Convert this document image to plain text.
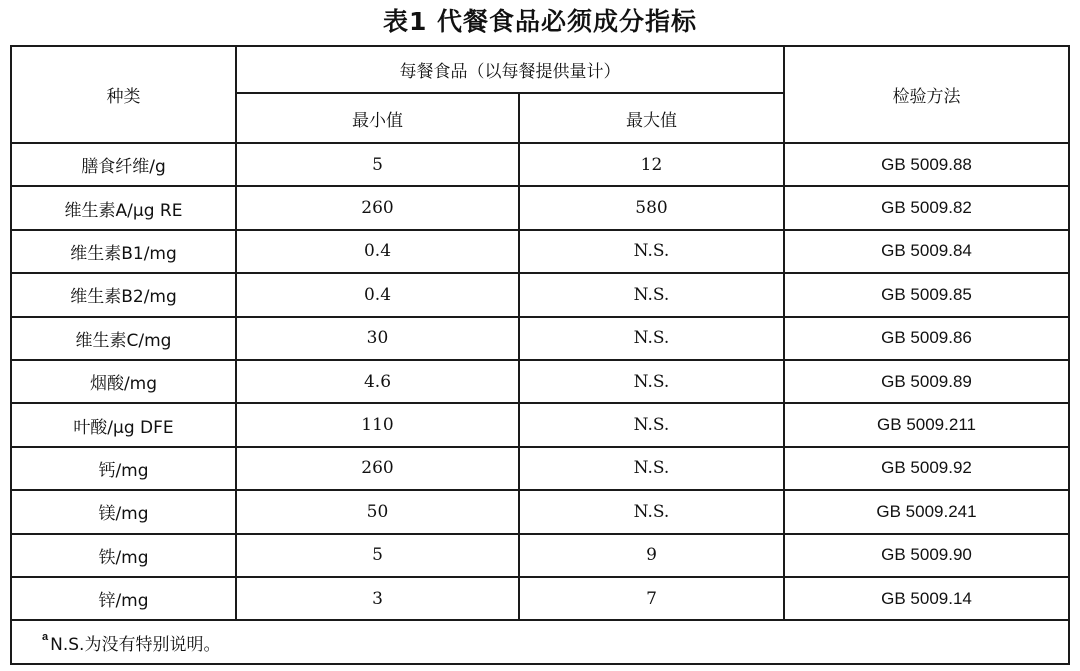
表1 代餐食品必须成分指标
种类	每餐食品（以每餐提供量计）		检验方法
	最小值	最大值	
膳食纤维/g	5	12	GB 5009.88
维生素A/μg RE	260	580	GB 5009.82
维生素B1/mg	0.4	N.S.	GB 5009.84
维生素B2/mg	0.4	N.S.	GB 5009.85
维生素C/mg	30	N.S.	GB 5009.86
烟酸/mg	4.6	N.S.	GB 5009.89
叶酸/μg DFE	110	N.S.	GB 5009.211
钙/mg	260	N.S.	GB 5009.92
镁/mg	50	N.S.	GB 5009.241
铁/mg	5	9	GB 5009.90
锌/mg	3	7	GB 5009.14
$^a$ N.S.为没有特别说明。			
